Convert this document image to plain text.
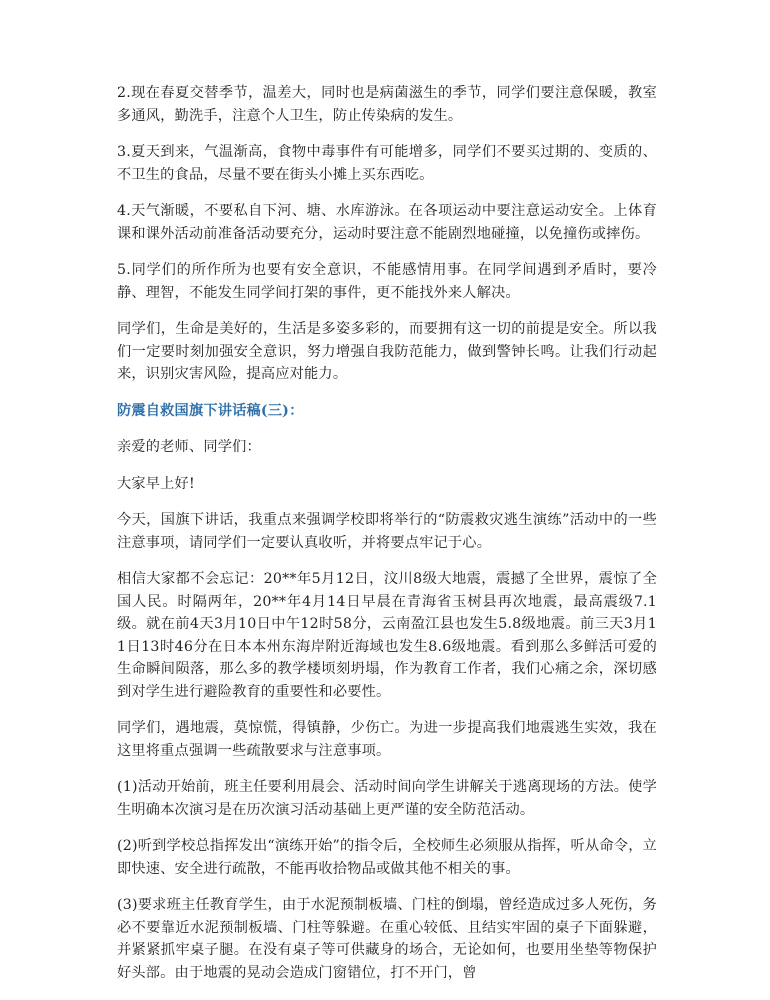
2.现在春夏交替季节，温差大，同时也是病菌滋生的季节，同学们要注意保暖，教室多通风，勤洗手，注意个人卫生，防止传染病的发生。

3.夏天到来，气温渐高，食物中毒事件有可能增多，同学们不要买过期的、变质的、不卫生的食品，尽量不要在街头小摊上买东西吃。

4.天气渐暖，不要私自下河、塘、水库游泳。在各项运动中要注意运动安全。上体育课和课外活动前准备活动要充分，运动时要注意不能剧烈地碰撞，以免撞伤或摔伤。

5.同学们的所作所为也要有安全意识，不能感情用事。在同学间遇到矛盾时，要冷静、理智，不能发生同学间打架的事件，更不能找外来人解决。

同学们，生命是美好的，生活是多姿多彩的，而要拥有这一切的前提是安全。所以我们一定要时刻加强安全意识，努力增强自我防范能力，做到警钟长鸣。让我们行动起来，识别灾害风险，提高应对能力。

防震自救国旗下讲话稿(三)：

亲爱的老师、同学们：

大家早上好!

今天，国旗下讲话，我重点来强调学校即将举行的“防震救灾逃生演练”活动中的一些注意事项，请同学们一定要认真收听，并将要点牢记于心。

相信大家都不会忘记：20**年5月12日，汶川8级大地震，震撼了全世界，震惊了全国人民。时隔两年，20**年4月14日早晨在青海省玉树县再次地震，最高震级7.1级。就在前4天3月10日中午12时58分，云南盈江县也发生5.8级地震。前三天3月11日13时46分在日本本州东海岸附近海域也发生8.6级地震。看到那么多鲜活可爱的生命瞬间陨落，那么多的教学楼顷刻坍塌，作为教育工作者，我们心痛之余，深切感到对学生进行避险教育的重要性和必要性。

同学们，遇地震，莫惊慌，得镇静，少伤亡。为进一步提高我们地震逃生实效，我在这里将重点强调一些疏散要求与注意事项。

(1)活动开始前，班主任要利用晨会、活动时间向学生讲解关于逃离现场的方法。使学生明确本次演习是在历次演习活动基础上更严谨的安全防范活动。

(2)听到学校总指挥发出“演练开始”的指令后，全校师生必须服从指挥，听从命令，立即快速、安全进行疏散，不能再收拾物品或做其他不相关的事。

(3)要求班主任教育学生，由于水泥预制板墙、门柱的倒塌，曾经造成过多人死伤，务必不要靠近水泥预制板墙、门柱等躲避。在重心较低、且结实牢固的桌子下面躲避，并紧紧抓牢桌子腿。在没有桌子等可供藏身的场合，无论如何，也要用坐垫等物保护好头部。由于地震的晃动会造成门窗错位，打不开门，曾
